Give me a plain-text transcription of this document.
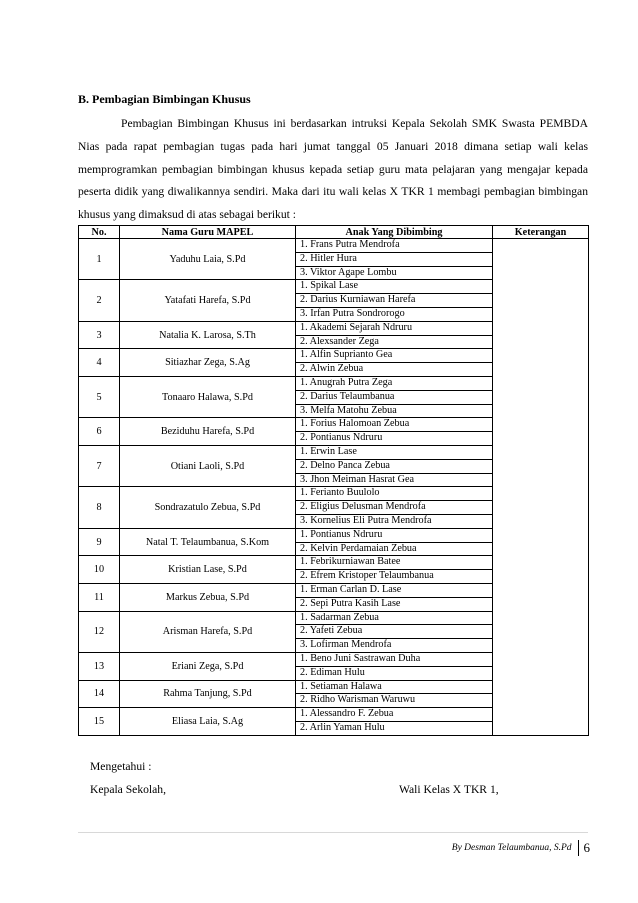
B. Pembagian Bimbingan Khusus
Pembagian Bimbingan Khusus ini berdasarkan intruksi Kepala Sekolah SMK Swasta PEMBDA Nias pada rapat pembagian tugas pada hari jumat tanggal 05 Januari 2018 dimana setiap wali kelas memprogramkan pembagian bimbingan khusus kepada setiap guru mata pelajaran yang mengajar kepada peserta didik yang diwalikannya sendiri. Maka dari itu wali kelas X TKR 1 membagi pembagian bimbingan khusus yang dimaksud di atas sebagai berikut :
No.	Nama Guru MAPEL	Anak Yang Dibimbing	Keterangan
1	Yaduhu Laia, S.Pd	1. Frans Putra Mendrofa
2. Hitler Hura
3. Viktor Agape Lombu	

2	Yatafati Harefa, S.Pd	1. Spikal Lase
2. Darius Kurniawan Harefa
3. Irfan Putra Sondrorogo	

3	Natalia K. Larosa, S.Th	1. Akademi Sejarah Ndruru
2. Alexsander Zega	

4	Sitiazhar Zega, S.Ag	1. Alfin Suprianto Gea
2. Alwin Zebua	

5	Tonaaro Halawa, S.Pd	1. Anugrah Putra Zega
2. Darius Telaumbanua
3. Melfa Matohu Zebua	

6	Beziduhu Harefa, S.Pd	1. Forius Halomoan Zebua
2. Pontianus Ndruru	

7	Otiani Laoli, S.Pd	1. Erwin Lase
2. Delno Panca Zebua
3. Jhon Meiman Hasrat Gea	

8	Sondrazatulo Zebua, S.Pd	1. Ferianto Buulolo
2. Eligius Delusman Mendrofa
3. Kornelius Eli Putra Mendrofa	

9	Natal T. Telaumbanua, S.Kom	1. Pontianus Ndruru
2. Kelvin Perdamaian Zebua	

10	Kristian Lase, S.Pd	1. Febrikurniawan Batee
2. Efrem Kristoper Telaumbanua	

11	Markus Zebua, S.Pd	1. Erman Carlan D. Lase
2. Sepi Putra Kasih Lase	

12	Arisman Harefa, S.Pd	1. Sadarman Zebua
2. Yafeti Zebua
3. Lofirman Mendrofa	

13	Eriani Zega, S.Pd	1. Beno Juni Sastrawan Duha
2. Ediman Hulu	

14	Rahma Tanjung, S.Pd	1. Setiaman Halawa
2. Ridho Warisman Waruwu	

15	Eliasa Laia, S.Ag	1. Alessandro F. Zebua
2. Arlin Yaman Hulu	
Mengetahui :
Kepala Sekolah,	Wali Kelas X TKR 1,
By Desman Telaumbanua, S.Pd 6
